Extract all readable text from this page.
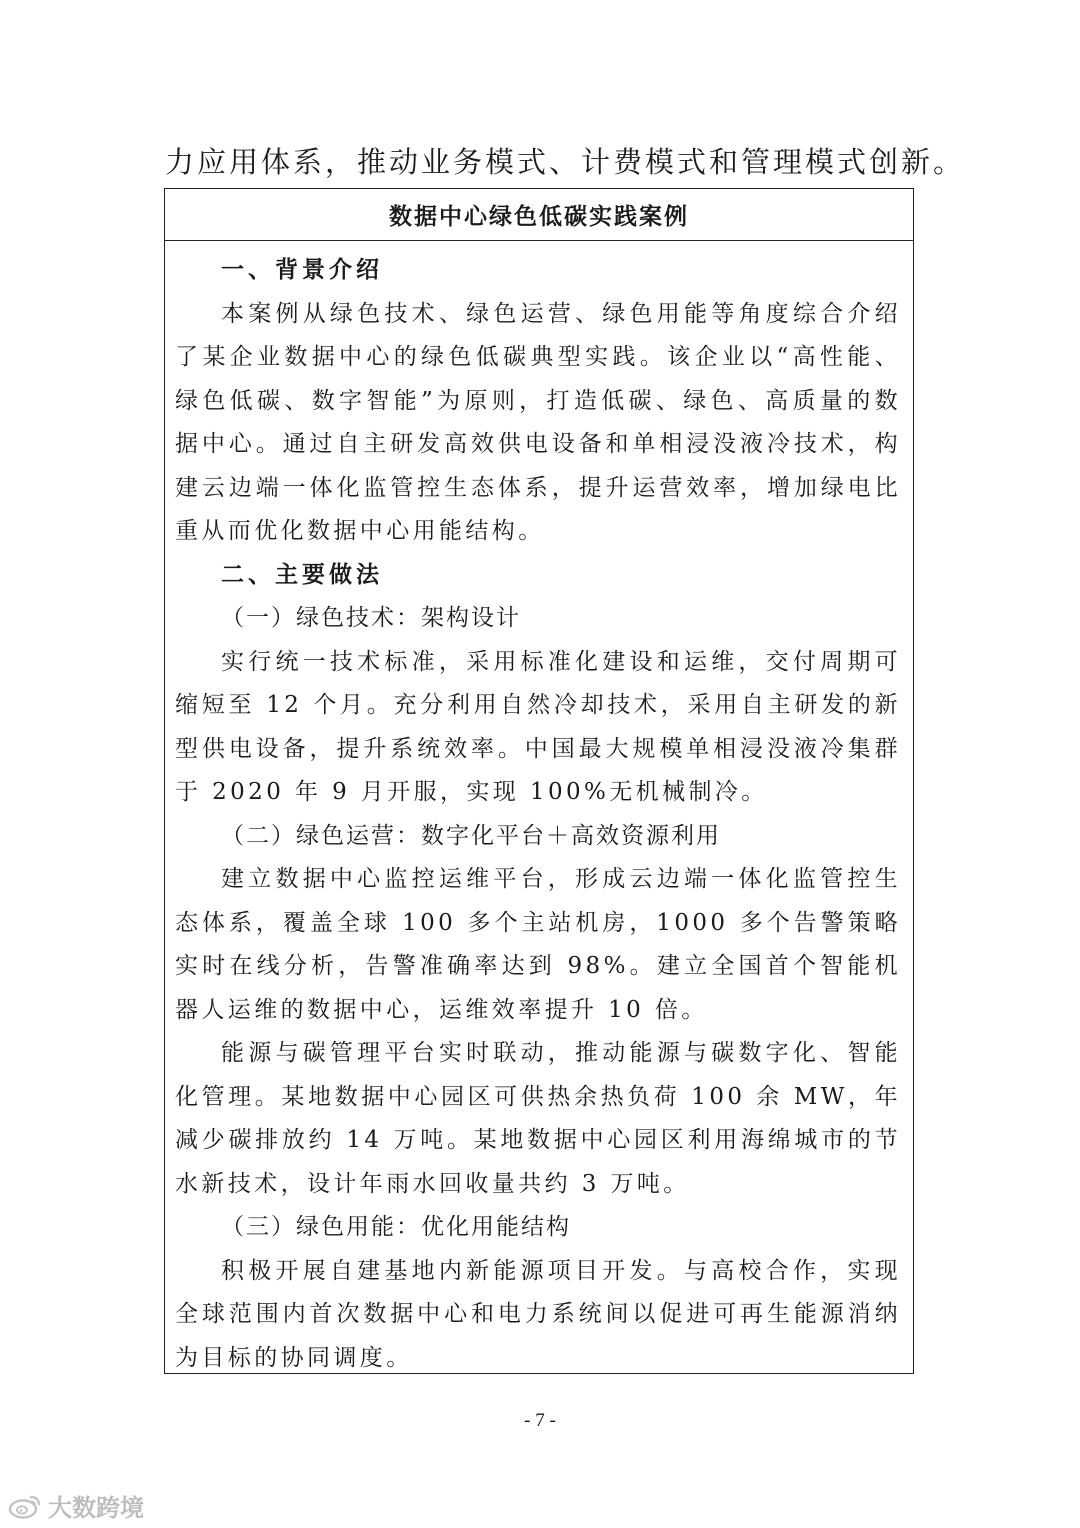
力应用体系，推动业务模式、计费模式和管理模式创新。
数据中心绿色低碳实践案例

一、背景介绍

本案例从绿色技术、绿色运营、绿色用能等角度综合介绍了某企业数据中心的绿色低碳典型实践。该企业以“高性能、绿色低碳、数字智能”为原则，打造低碳、绿色、高质量的数据中心。通过自主研发高效供电设备和单相浸没液冷技术，构建云边端一体化监管控生态体系，提升运营效率，增加绿电比重从而优化数据中心用能结构。

二、主要做法

（一）绿色技术：架构设计

实行统一技术标准，采用标准化建设和运维，交付周期可缩短至 12 个月。充分利用自然冷却技术，采用自主研发的新型供电设备，提升系统效率。中国最大规模单相浸没液冷集群于 2020 年 9 月开服，实现 100%无机械制冷。

（二）绿色运营：数字化平台＋高效资源利用

建立数据中心监控运维平台，形成云边端一体化监管控生态体系，覆盖全球 100 多个主站机房，1000 多个告警策略实时在线分析，告警准确率达到 98%。建立全国首个智能机器人运维的数据中心，运维效率提升 10 倍。

能源与碳管理平台实时联动，推动能源与碳数字化、智能化管理。某地数据中心园区可供热余热负荷 100 余 MW，年减少碳排放约 14 万吨。某地数据中心园区利用海绵城市的节水新技术，设计年雨水回收量共约 3 万吨。

（三）绿色用能：优化用能结构

积极开展自建基地内新能源项目开发。与高校合作，实现全球范围内首次数据中心和电力系统间以促进可再生能源消纳为目标的协同调度。

- 7 -
大数跨境
